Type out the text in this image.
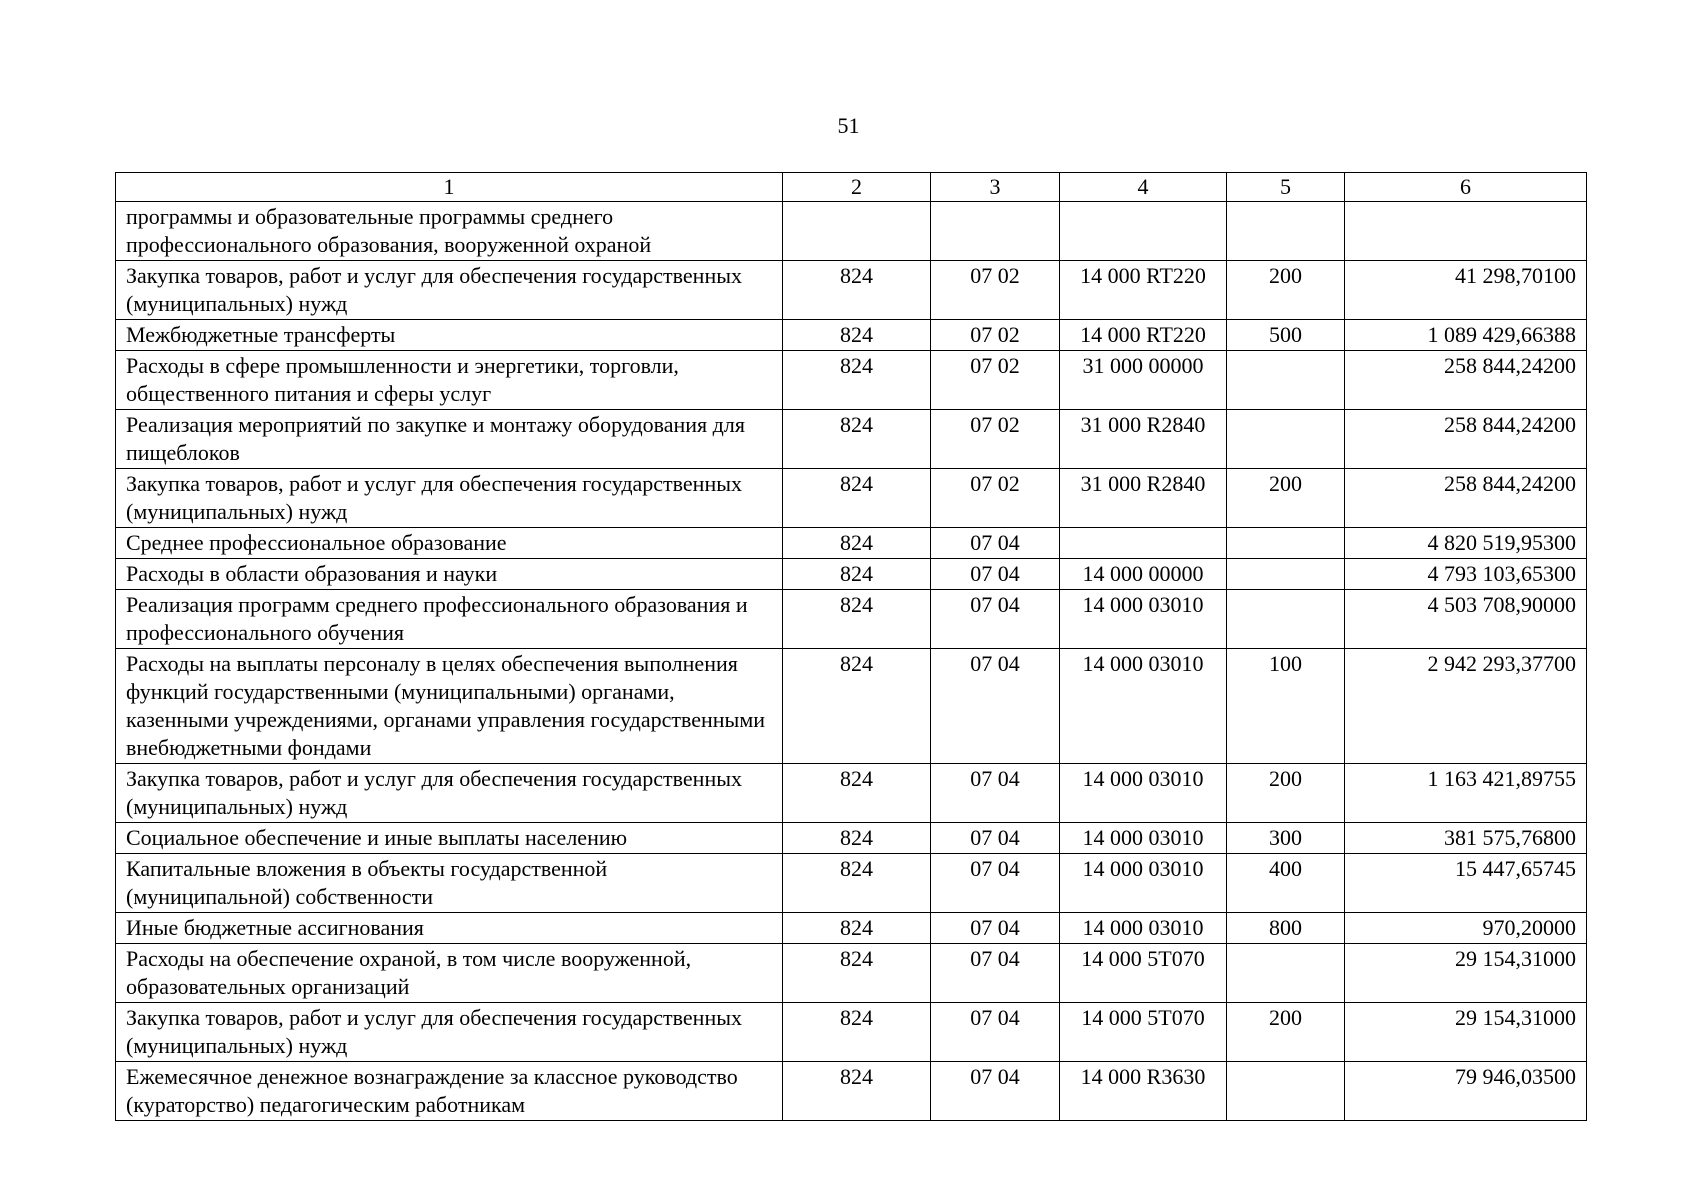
51
1	2	3	4	5	6
программы и образовательные программы среднего профессионального образования, вооруженной охраной					
Закупка товаров, работ и услуг для обеспечения государственных (муниципальных) нужд	824	07 02	14 000 RT220	200	41 298,70100
Межбюджетные трансферты	824	07 02	14 000 RT220	500	1 089 429,66388
Расходы в сфере промышленности и энергетики, торговли, общественного питания и сферы услуг	824	07 02	31 000 00000		258 844,24200
Реализация мероприятий по закупке и монтажу оборудования для пищеблоков	824	07 02	31 000 R2840		258 844,24200
Закупка товаров, работ и услуг для обеспечения государственных (муниципальных) нужд	824	07 02	31 000 R2840	200	258 844,24200
Среднее профессиональное образование	824	07 04			4 820 519,95300
Расходы в области образования и науки	824	07 04	14 000 00000		4 793 103,65300
Реализация программ среднего профессионального образования и профессионального обучения	824	07 04	14 000 03010		4 503 708,90000
Расходы на выплаты персоналу в целях обеспечения выполнения функций государственными (муниципальными) органами, казенными учреждениями, органами управления государственными внебюджетными фондами	824	07 04	14 000 03010	100	2 942 293,37700
Закупка товаров, работ и услуг для обеспечения государственных (муниципальных) нужд	824	07 04	14 000 03010	200	1 163 421,89755
Социальное обеспечение и иные выплаты населению	824	07 04	14 000 03010	300	381 575,76800
Капитальные вложения в объекты государственной (муниципальной) собственности	824	07 04	14 000 03010	400	15 447,65745
Иные бюджетные ассигнования	824	07 04	14 000 03010	800	970,20000
Расходы на обеспечение охраной, в том числе вооруженной, образовательных организаций	824	07 04	14 000 5T070		29 154,31000
Закупка товаров, работ и услуг для обеспечения государственных (муниципальных) нужд	824	07 04	14 000 5T070	200	29 154,31000
Ежемесячное денежное вознаграждение за классное руководство (кураторство) педагогическим работникам	824	07 04	14 000 R3630		79 946,03500
